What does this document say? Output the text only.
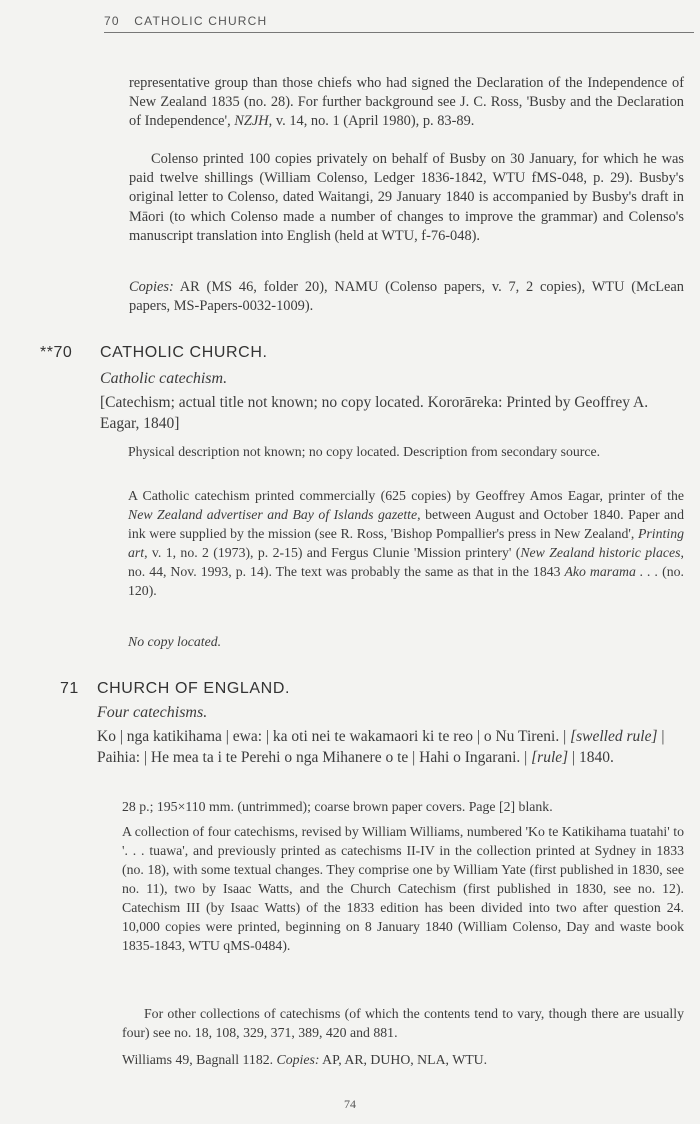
70 CATHOLIC CHURCH

representative group than those chiefs who had signed the Declaration of the Independence of New Zealand 1835 (no. 28). For further background see J. C. Ross, 'Busby and the Declaration of Independence', NZJH, v. 14, no. 1 (April 1980), p. 83-89.

Colenso printed 100 copies privately on behalf of Busby on 30 January, for which he was paid twelve shillings (William Colenso, Ledger 1836-1842, WTU fMS-048, p. 29). Busby's original letter to Colenso, dated Waitangi, 29 January 1840 is accompanied by Busby's draft in Māori (to which Colenso made a number of changes to improve the grammar) and Colenso's manuscript translation into English (held at WTU, f-76-048).

Copies: AR (MS 46, folder 20), NAMU (Colenso papers, v. 7, 2 copies), WTU (McLean papers, MS-Papers-0032-1009).

**70 CATHOLIC CHURCH.
Catholic catechism.

[Catechism; actual title not known; no copy located. Kororāreka: Printed by Geoffrey A. Eagar, 1840]

Physical description not known; no copy located. Description from secondary source.

A Catholic catechism printed commercially (625 copies) by Geoffrey Amos Eagar, printer of the New Zealand advertiser and Bay of Islands gazette, between August and October 1840. Paper and ink were supplied by the mission (see R. Ross, 'Bishop Pompallier's press in New Zealand', Printing art, v. 1, no. 2 (1973), p. 2-15) and Fergus Clunie 'Mission printery' (New Zealand historic places, no. 44, Nov. 1993, p. 14). The text was probably the same as that in the 1843 Ako marama . . . (no. 120).

No copy located.

71 CHURCH OF ENGLAND.
Four catechisms.

Ko | nga katikihama | ewa: | ka oti nei te wakamaori ki te reo | o Nu Tireni. | [swelled rule] | Paihia: | He mea ta i te Perehi o nga Mihanere o te | Hahi o Ingarani. | [rule] | 1840.

28 p.; 195×110 mm. (untrimmed); coarse brown paper covers. Page [2] blank.

A collection of four catechisms, revised by William Williams, numbered 'Ko te Katikihama tuatahi' to '. . . tuawa', and previously printed as catechisms II-IV in the collection printed at Sydney in 1833 (no. 18), with some textual changes. They comprise one by William Yate (first published in 1830, see no. 11), two by Isaac Watts, and the Church Catechism (first published in 1830, see no. 12). Catechism III (by Isaac Watts) of the 1833 edition has been divided into two after question 24. 10,000 copies were printed, beginning on 8 January 1840 (William Colenso, Day and waste book 1835-1843, WTU qMS-0484).

For other collections of catechisms (of which the contents tend to vary, though there are usually four) see no. 18, 108, 329, 371, 389, 420 and 881.

Williams 49, Bagnall 1182. Copies: AP, AR, DUHO, NLA, WTU.

74
